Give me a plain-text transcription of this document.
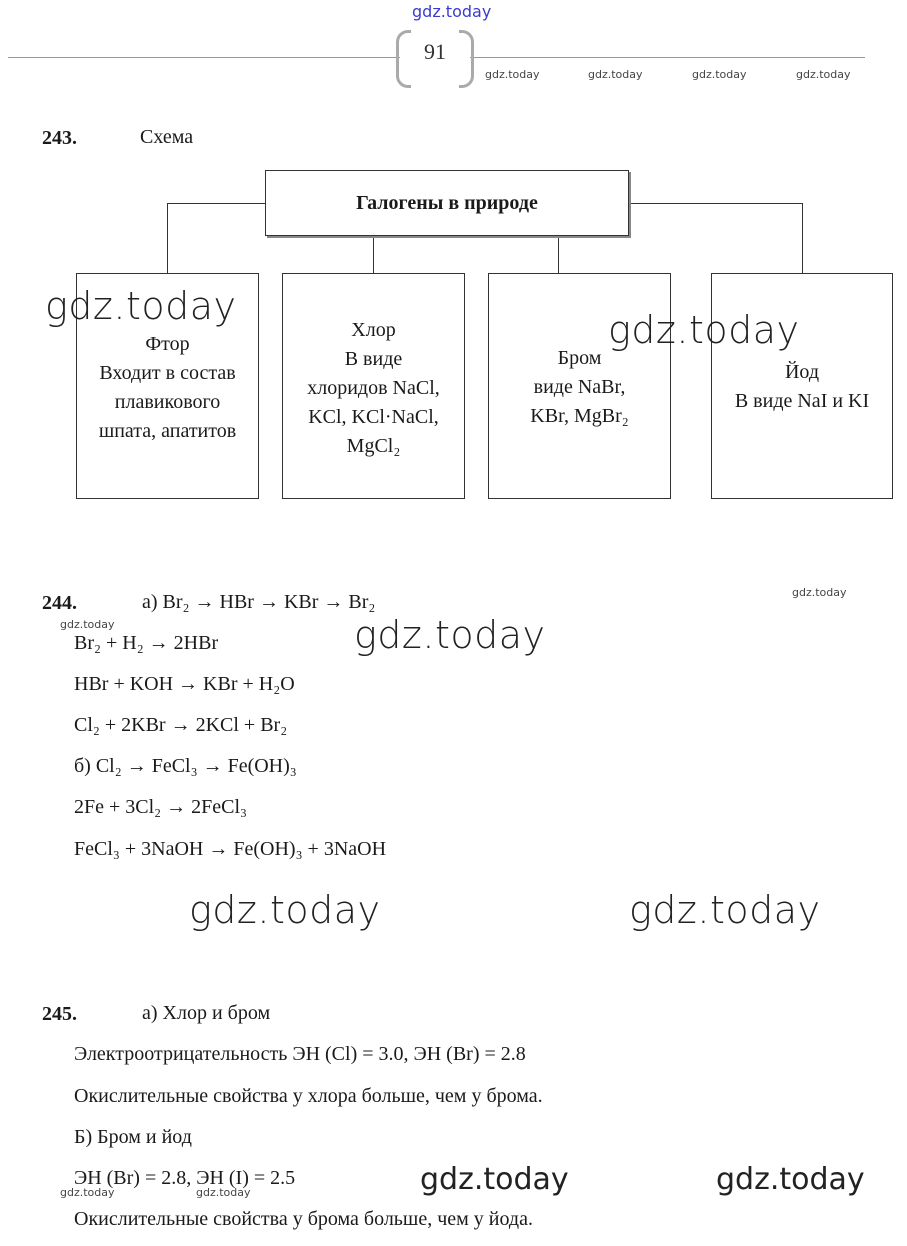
gdz.today
91
gdz.today	gdz.today	gdz.today	gdz.today
243.	Схема
Галогены в природе
Фтор
Входит в состав
плавикового
шпата, апатитов
Хлор
В виде
хлоридов NaCl,
KCl, KCl·NaCl,
MgCl₂
Бром
виде NaBr,
KBr, MgBr₂
Йод
В виде NaI и KI
244.	а) Br₂ → HBr → KBr → Br₂
Br₂ + H₂ → 2HBr
HBr + KOH → KBr + H₂O
Cl₂ + 2KBr → 2KCl + Br₂
б) Cl₂ → FeCl₃ → Fe(OH)₃
2Fe + 3Cl₂ → 2FeCl₃
FeCl₃ + 3NaOH → Fe(OH)₃ + 3NaOH
245.	а) Хлор и бром
Электроотрицательность ЭН (Cl) = 3.0, ЭН (Br) = 2.8
Окислительные свойства у хлора больше, чем у брома.
Б) Бром и йод
ЭН (Br) = 2.8, ЭН (I) = 2.5
Окислительные свойства у брома больше, чем у йода.
gdz.today
gdz.today
gdz.today
gdz.today	gdz.today
gdz.today	gdz.today
gdz.today
gdz.today
gdz.today	gdz.today
